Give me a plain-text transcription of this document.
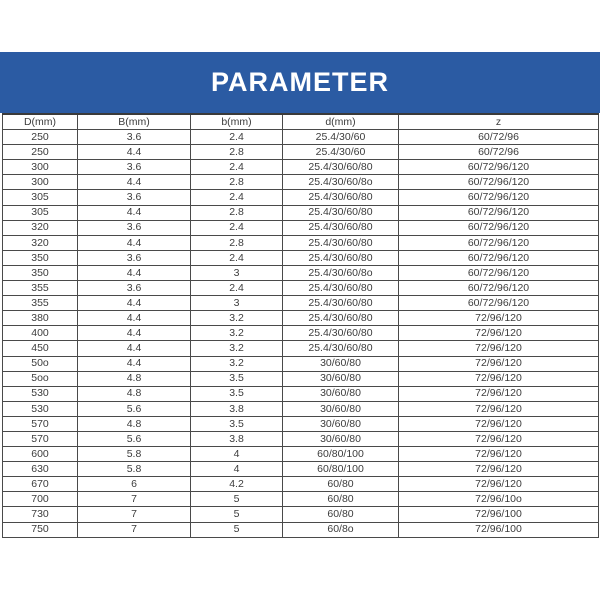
PARAMETER
D(mm)	B(mm)	b(mm)	d(mm)	z
250	3.6	2.4	25.4/30/60	60/72/96
250	4.4	2.8	25.4/30/60	60/72/96
300	3.6	2.4	25.4/30/60/80	60/72/96/120
300	4.4	2.8	25.4/30/60/8o	60/72/96/120
305	3.6	2.4	25.4/30/60/80	60/72/96/120
305	4.4	2.8	25.4/30/60/80	60/72/96/120
320	3.6	2.4	25.4/30/60/80	60/72/96/120
320	4.4	2.8	25.4/30/60/80	60/72/96/120
350	3.6	2.4	25.4/30/60/80	60/72/96/120
350	4.4	3	25.4/30/60/8o	60/72/96/120
355	3.6	2.4	25.4/30/60/80	60/72/96/120
355	4.4	3	25.4/30/60/80	60/72/96/120
380	4.4	3.2	25.4/30/60/80	72/96/120
400	4.4	3.2	25.4/30/60/80	72/96/120
450	4.4	3.2	25.4/30/60/80	72/96/120
50o	4.4	3.2	30/60/80	72/96/120
5oo	4.8	3.5	30/60/80	72/96/120
530	4.8	3.5	30/60/80	72/96/120
530	5.6	3.8	30/60/80	72/96/120
570	4.8	3.5	30/60/80	72/96/120
570	5.6	3.8	30/60/80	72/96/120
600	5.8	4	60/80/100	72/96/120
630	5.8	4	60/80/100	72/96/120
670	6	4.2	60/80	72/96/120
700	7	5	60/80	72/96/10o
730	7	5	60/80	72/96/100
750	7	5	60/8o	72/96/100
